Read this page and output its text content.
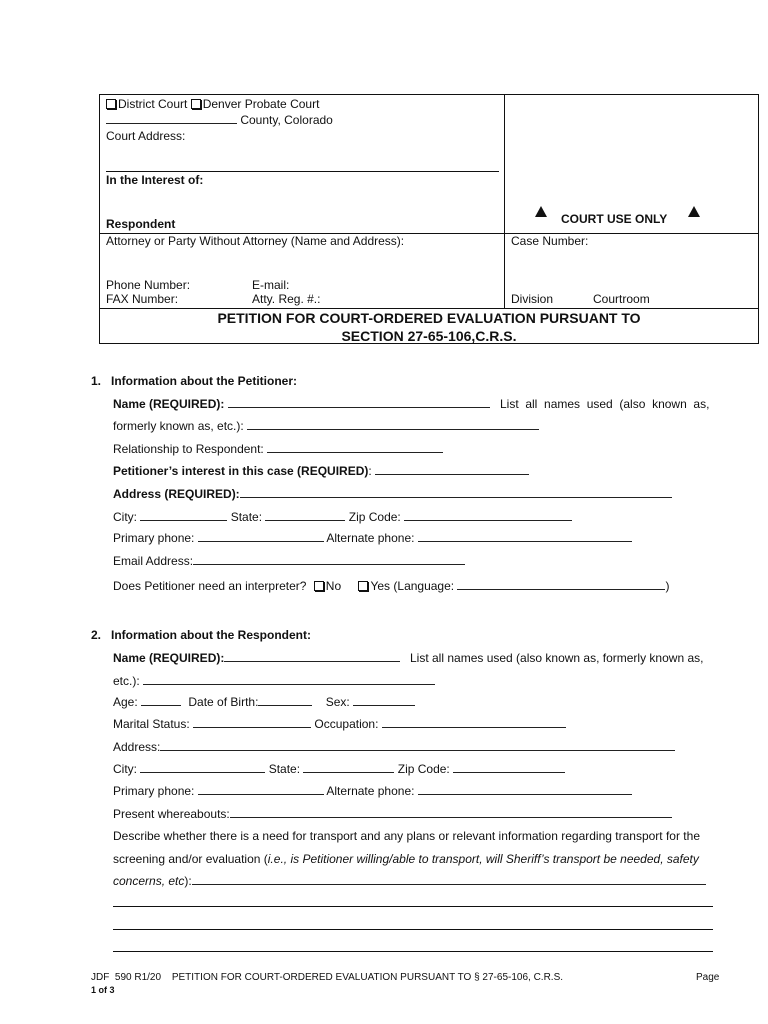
District Court Denver Probate Court
County, Colorado
Court Address:
In the Interest of:
Respondent	COURT USE ONLY
Attorney or Party Without Attorney (Name and Address):
Phone Number:	E-mail:
FAX Number:	Atty. Reg. #.:
Case Number:
Division	Courtroom
PETITION FOR COURT-ORDERED EVALUATION PURSUANT TO
SECTION 27-65-106,C.R.S.
1.   Information about the Petitioner:
Name (REQUIRED):	List  all  names  used  (also  known  as,
formerly known as, etc.):
Relationship to Respondent:
Petitioner’s interest in this case (REQUIRED):
Address (REQUIRED):
City:	State:	Zip Code:
Primary phone:	Alternate phone:
Email Address:
Does Petitioner need an interpreter? No Yes (Language:	)
2.   Information about the Respondent:
Name (REQUIRED):	List all names used (also known as, formerly known as,
etc.):
Age:	Date of Birth:	Sex:
Marital Status:	Occupation:
Address:
City:	State:	Zip Code:
Primary phone:	Alternate phone:
Present whereabouts:
Describe whether there is a need for transport and any plans or relevant information regarding transport for the
screening and/or evaluation (i.e., is Petitioner willing/able to transport, will Sheriff’s transport be needed, safety
concerns, etc):
JDF  590 R1/20 PETITION FOR COURT-ORDERED EVALUATION PURSUANT TO § 27-65-106, C.R.S.	Page
1 of 3
